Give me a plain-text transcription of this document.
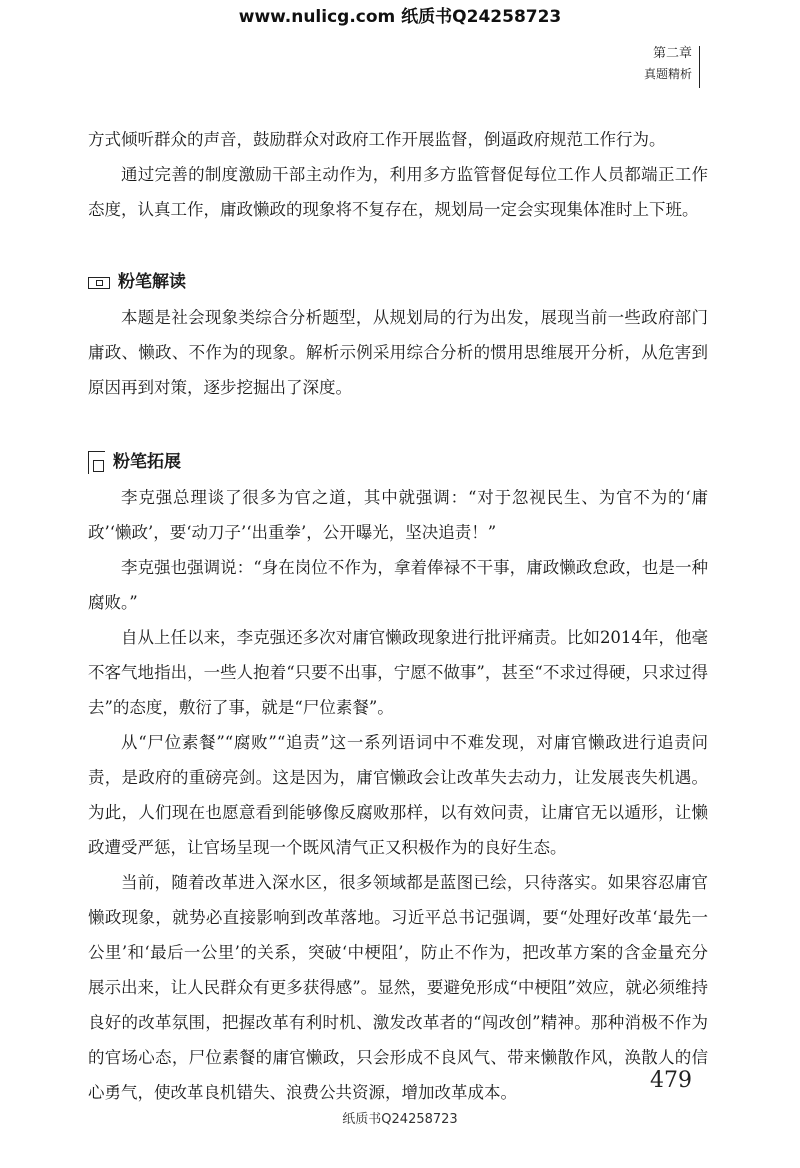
www.nulicg.com 纸质书Q24258723
第二章
真题精析

方式倾听群众的声音，鼓励群众对政府工作开展监督，倒逼政府规范工作行为。

通过完善的制度激励干部主动作为，利用多方监管督促每位工作人员都端正工作态度，认真工作，庸政懒政的现象将不复存在，规划局一定会实现集体准时上下班。

粉笔解读

本题是社会现象类综合分析题型，从规划局的行为出发，展现当前一些政府部门庸政、懒政、不作为的现象。解析示例采用综合分析的惯用思维展开分析，从危害到原因再到对策，逐步挖掘出了深度。

粉笔拓展

李克强总理谈了很多为官之道，其中就强调：“对于忽视民生、为官不为的‘庸政’‘懒政’，要‘动刀子’‘出重拳’，公开曝光，坚决追责！”

李克强也强调说：“身在岗位不作为，拿着俸禄不干事，庸政懒政怠政，也是一种腐败。”

自从上任以来，李克强还多次对庸官懒政现象进行批评痛责。比如2014年，他毫不客气地指出，一些人抱着“只要不出事，宁愿不做事”，甚至“不求过得硬，只求过得去”的态度，敷衍了事，就是“尸位素餐”。

从“尸位素餐”“腐败”“追责”这一系列语词中不难发现，对庸官懒政进行追责问责，是政府的重磅亮剑。这是因为，庸官懒政会让改革失去动力，让发展丧失机遇。为此，人们现在也愿意看到能够像反腐败那样，以有效问责，让庸官无以遁形，让懒政遭受严惩，让官场呈现一个既风清气正又积极作为的良好生态。

当前，随着改革进入深水区，很多领域都是蓝图已绘，只待落实。如果容忍庸官懒政现象，就势必直接影响到改革落地。习近平总书记强调，要“处理好改革‘最先一公里’和‘最后一公里’的关系，突破‘中梗阻’，防止不作为，把改革方案的含金量充分展示出来，让人民群众有更多获得感”。显然，要避免形成“中梗阻”效应，就必须维持良好的改革氛围，把握改革有利时机、激发改革者的“闯改创”精神。那种消极不作为的官场心态，尸位素餐的庸官懒政，只会形成不良风气、带来懒散作风，涣散人的信心勇气，使改革良机错失、浪费公共资源，增加改革成本。	479
纸质书Q24258723
